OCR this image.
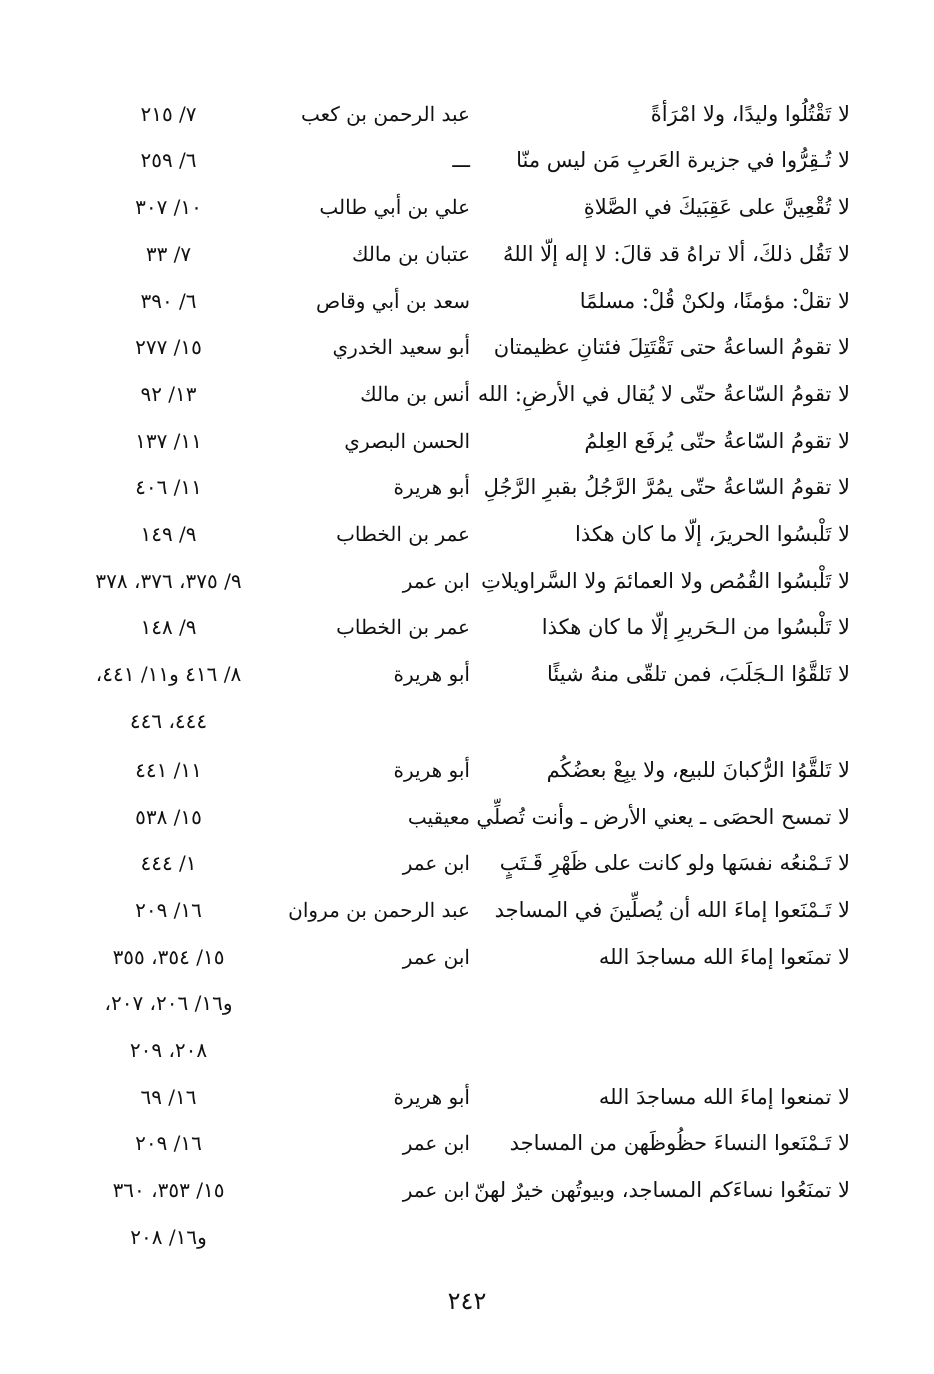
لا تَقْتُلُوا وليدًا، ولا امْرَأةً
عبد الرحمن بن كعب
٧/ ٢١٥
لا تُـقِرُّوا في جزيرة العَربِ مَن ليس منّا
ـــ
٦/ ٢٥٩
لا تُقْعِينَّ على عَقِبَيكَ في الصَّلاةِ
علي بن أبي طالب
١٠/ ٣٠٧
لا تَقُل ذلكَ، ألا تراهُ قد قالَ: لا إله إلّا اللهُ
عتبان بن مالك
٧/ ٣٣
لا تقلْ: مؤمنًا، ولكنْ قُلْ: مسلمًا
سعد بن أبي وقاص
٦/ ٣٩٠
لا تقومُ الساعةُ حتى تَقْتَتِلَ فئتانِ عظيمتان
أبو سعيد الخدري
١٥/ ٢٧٧
لا تقومُ السّاعةُ حتّى لا يُقال في الأرضِ: الله
أنس بن مالك
١٣/ ٩٢
لا تقومُ السّاعةُ حتّى يُرفَع العِلمُ
الحسن البصري
١١/ ١٣٧
لا تقومُ السّاعةُ حتّى يمُرَّ الرَّجُلُ بقبرِ الرَّجُلِ
أبو هريرة
١١/ ٤٠٦
لا تَلْبسُوا الحريرَ، إلّا ما كان هكذا
عمر بن الخطاب
٩/ ١٤٩
لا تَلْبسُوا القُمُص ولا العمائمَ ولا السَّراويلاتِ
ابن عمر
٩/ ٣٧٥، ٣٧٦، ٣٧٨
لا تَلْبسُوا من الـحَريرِ إلّا ما كان هكذا
عمر بن الخطاب
٩/ ١٤٨
لا تَلقَّوُا الـجَلَبَ، فمن تلقّى منهُ شيئًا
أبو هريرة
٨/ ٤١٦ و١١/ ٤٤١،
٤٤٤، ٤٤٦
لا تَلقَّوُا الرُّكبانَ للبيع، ولا يبِعْ بعضُكُم
أبو هريرة
١١/ ٤٤١
لا تمسح الحصَى ـ يعني الأرض ـ وأنت تُصلِّي
معيقيب
١٥/ ٥٣٨
لا تَـمْنعُه نفسَها ولو كانت على ظَهْرِ قَـتَبٍ
ابن عمر
١/ ٤٤٤
لا تَـمْنَعوا إماءَ الله أن يُصلِّينَ في المساجد
عبد الرحمن بن مروان
١٦/ ٢٠٩
لا تمنَعوا إماءَ الله مساجدَ الله
ابن عمر
١٥/ ٣٥٤، ٣٥٥
و١٦/ ٢٠٦، ٢٠٧،
٢٠٨، ٢٠٩
لا تمنعوا إماءَ الله مساجدَ الله
أبو هريرة
١٦/ ٦٩
لا تَـمْنَعوا النساءَ حظُوظَهن من المساجد
ابن عمر
١٦/ ٢٠٩
لا تمنَعُوا نساءَكم المساجد، وبيوتُهن خيرٌ لهنّ
ابن عمر
١٥/ ٣٥٣، ٣٦٠
و١٦/ ٢٠٨
٢٤٢
